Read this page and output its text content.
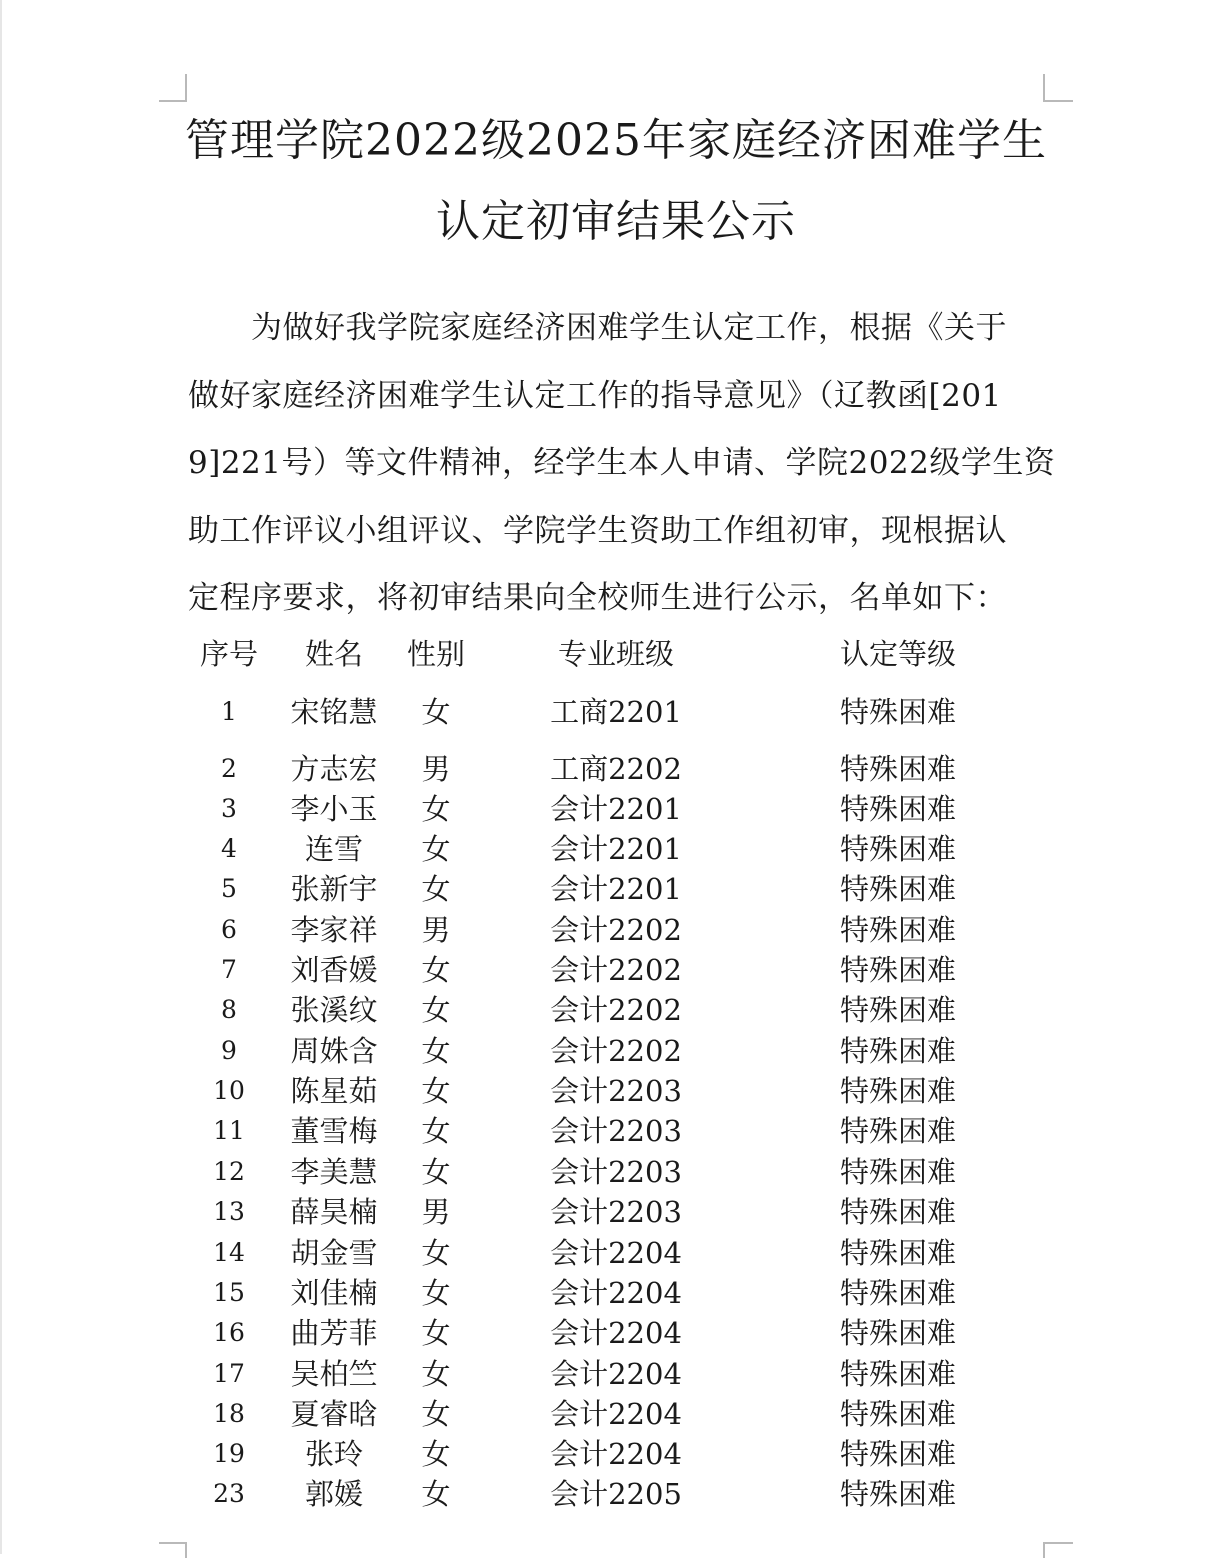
管理学院2022级2025年家庭经济困难学生
认定初审结果公示
　　为做好我学院家庭经济困难学生认定工作，根据《关于
做好家庭经济困难学生认定工作的指导意见》（辽教函[201
9]221号）等文件精神，经学生本人申请、学院2022级学生资
助工作评议小组评议、学院学生资助工作组初审，现根据认
定程序要求，将初审结果向全校师生进行公示，名单如下：
序号	姓名	性别	专业班级	认定等级
1	宋铭慧	女	工商2201	特殊困难
2	方志宏	男	工商2202	特殊困难
3	李小玉	女	会计2201	特殊困难
4	连雪	女	会计2201	特殊困难
5	张新宇	女	会计2201	特殊困难
6	李家祥	男	会计2202	特殊困难
7	刘香媛	女	会计2202	特殊困难
8	张溪纹	女	会计2202	特殊困难
9	周姝含	女	会计2202	特殊困难
10	陈星茹	女	会计2203	特殊困难
11	董雪梅	女	会计2203	特殊困难
12	李美慧	女	会计2203	特殊困难
13	薛昊楠	男	会计2203	特殊困难
14	胡金雪	女	会计2204	特殊困难
15	刘佳楠	女	会计2204	特殊困难
16	曲芳菲	女	会计2204	特殊困难
17	吴柏竺	女	会计2204	特殊困难
18	夏睿晗	女	会计2204	特殊困难
19	张玲	女	会计2204	特殊困难
23	郭媛	女	会计2205	特殊困难
